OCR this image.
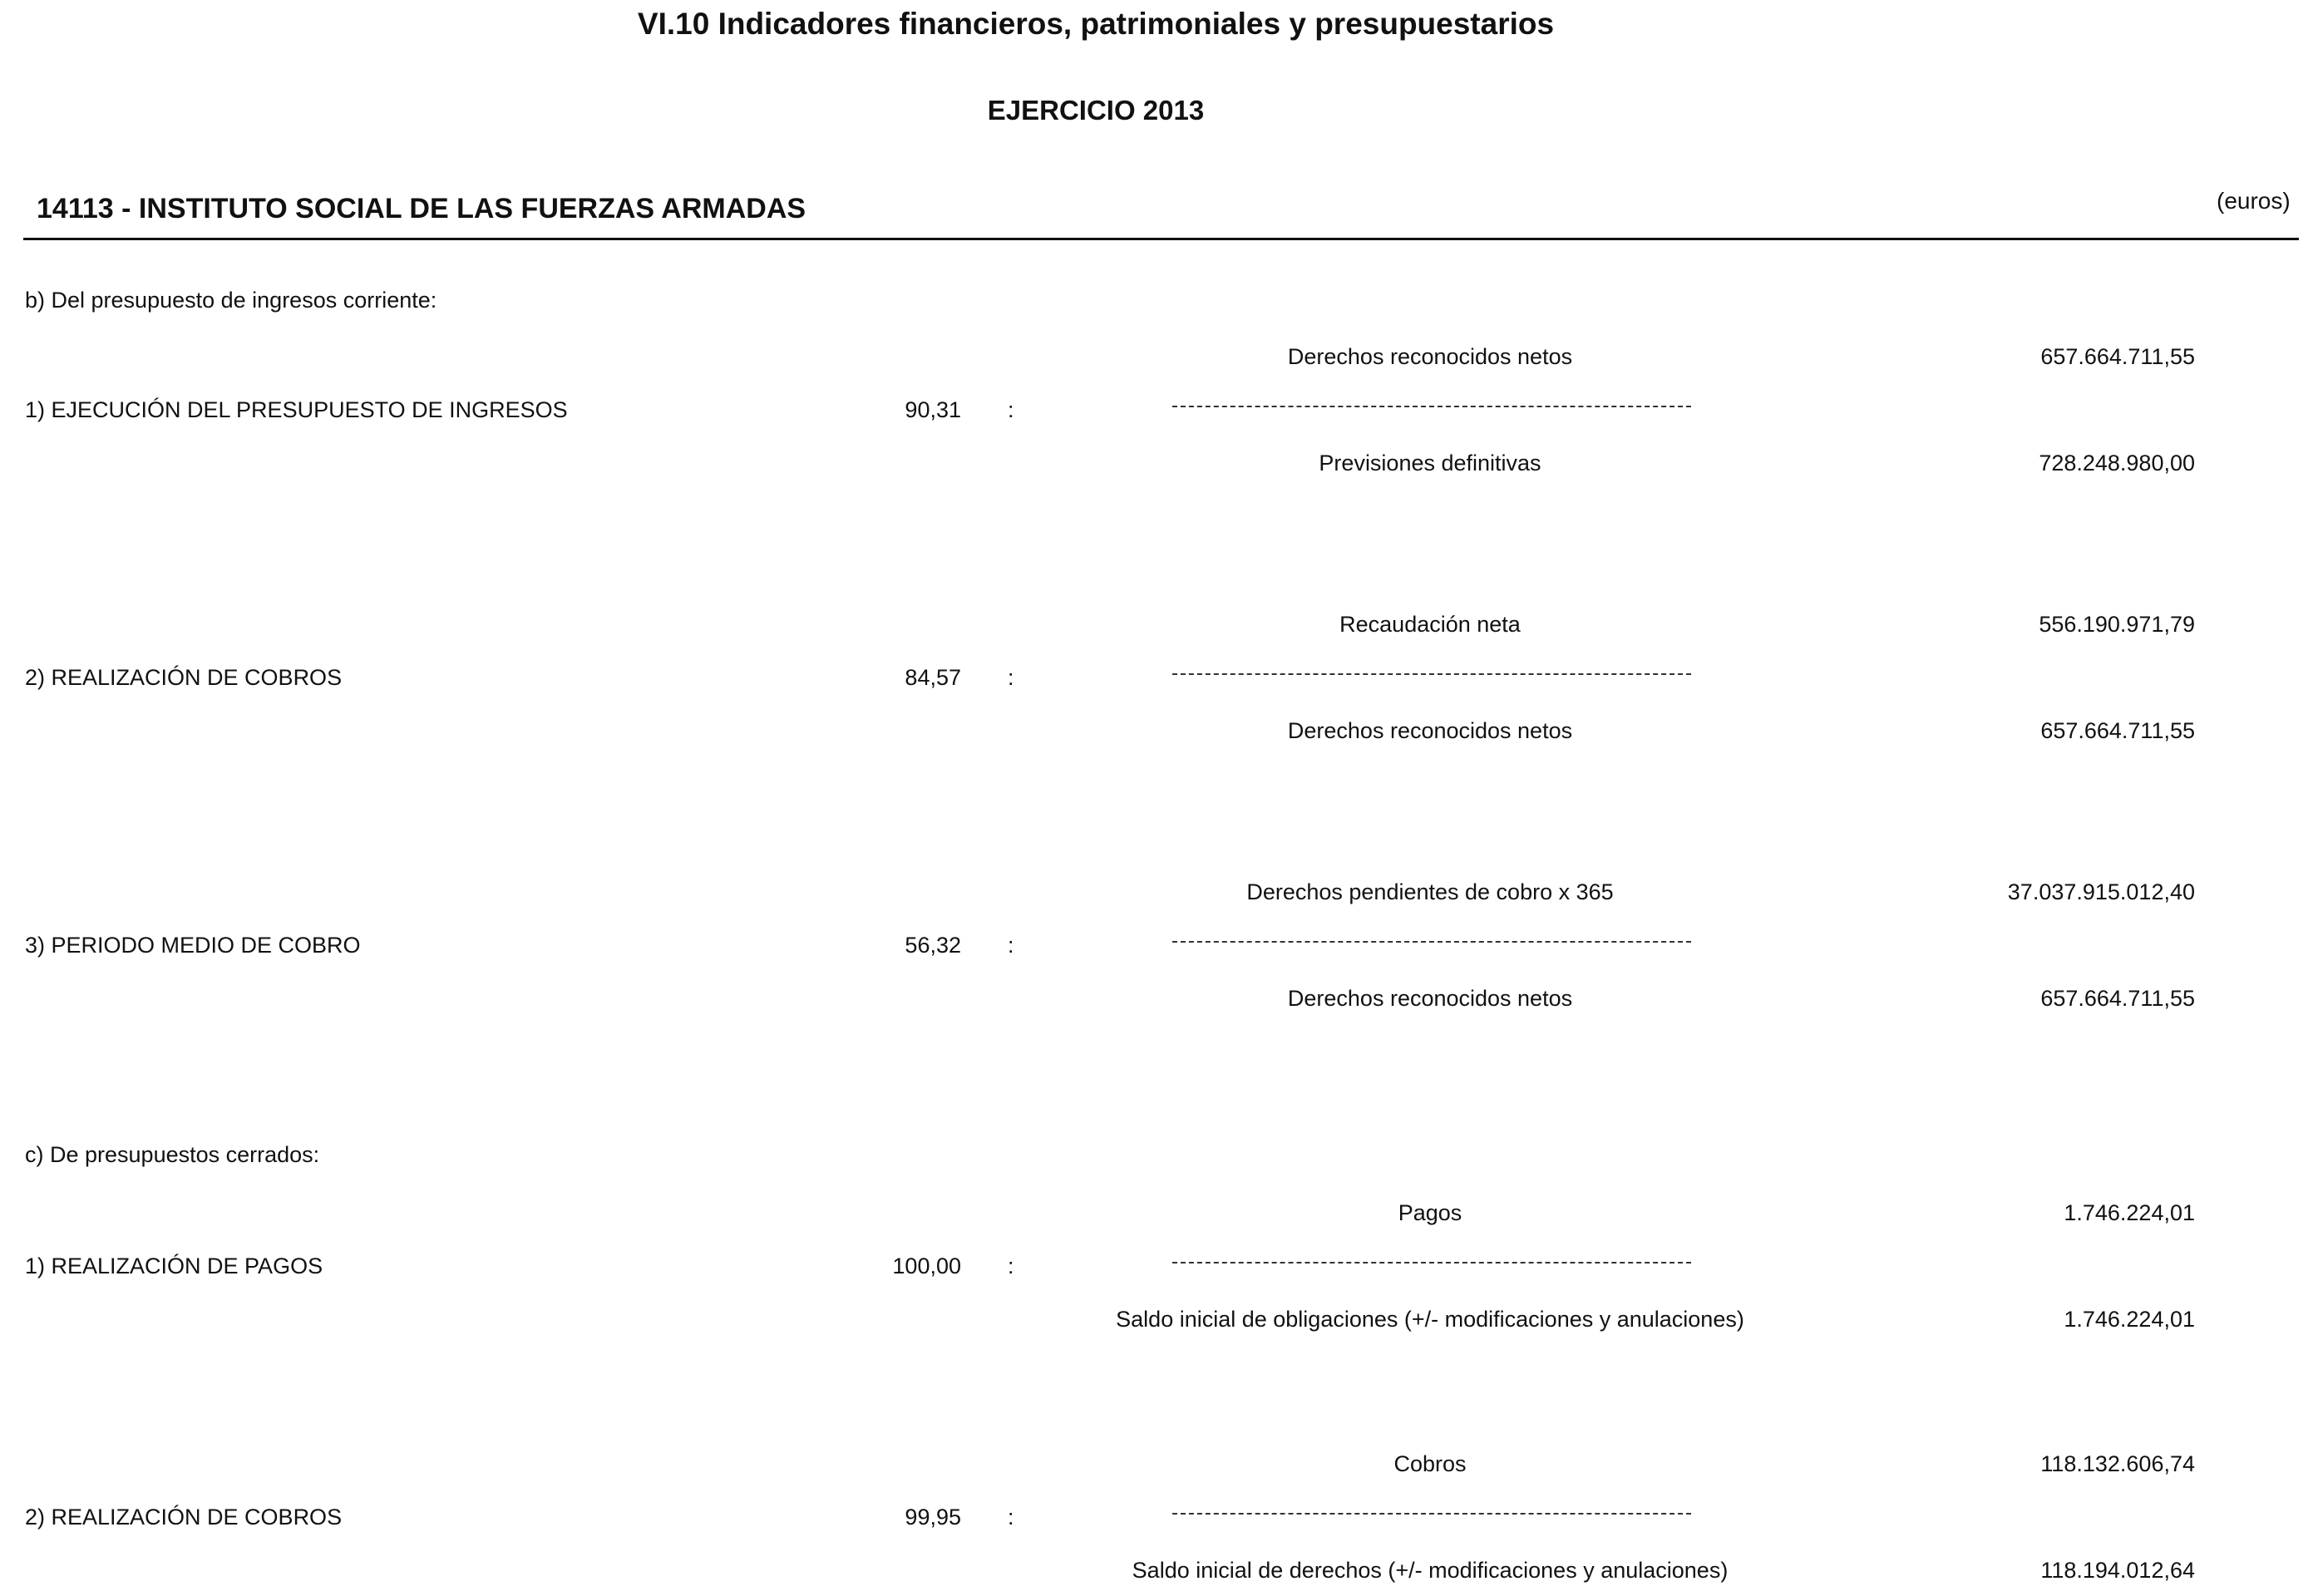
VI.10 Indicadores financieros, patrimoniales y presupuestarios
EJERCICIO 2013
14113 - INSTITUTO SOCIAL DE LAS FUERZAS ARMADAS	(euros)
b) Del presupuesto de ingresos corriente:
Derechos reconocidos netos	657.664.711,55
1) EJECUCIÓN DEL PRESUPUESTO DE INGRESOS	90,31 :
Previsiones definitivas	728.248.980,00
Recaudación neta	556.190.971,79
2) REALIZACIÓN DE COBROS	84,57 :
Derechos reconocidos netos	657.664.711,55
Derechos pendientes de cobro x 365	37.037.915.012,40
3) PERIODO MEDIO DE COBRO	56,32 :
Derechos reconocidos netos	657.664.711,55
c) De presupuestos cerrados:
Pagos	1.746.224,01
1) REALIZACIÓN DE PAGOS	100,00 :
Saldo inicial de obligaciones (+/- modificaciones y anulaciones)	1.746.224,01
Cobros	118.132.606,74
2) REALIZACIÓN DE COBROS	99,95 :
Saldo inicial de derechos (+/- modificaciones y anulaciones)	118.194.012,64
